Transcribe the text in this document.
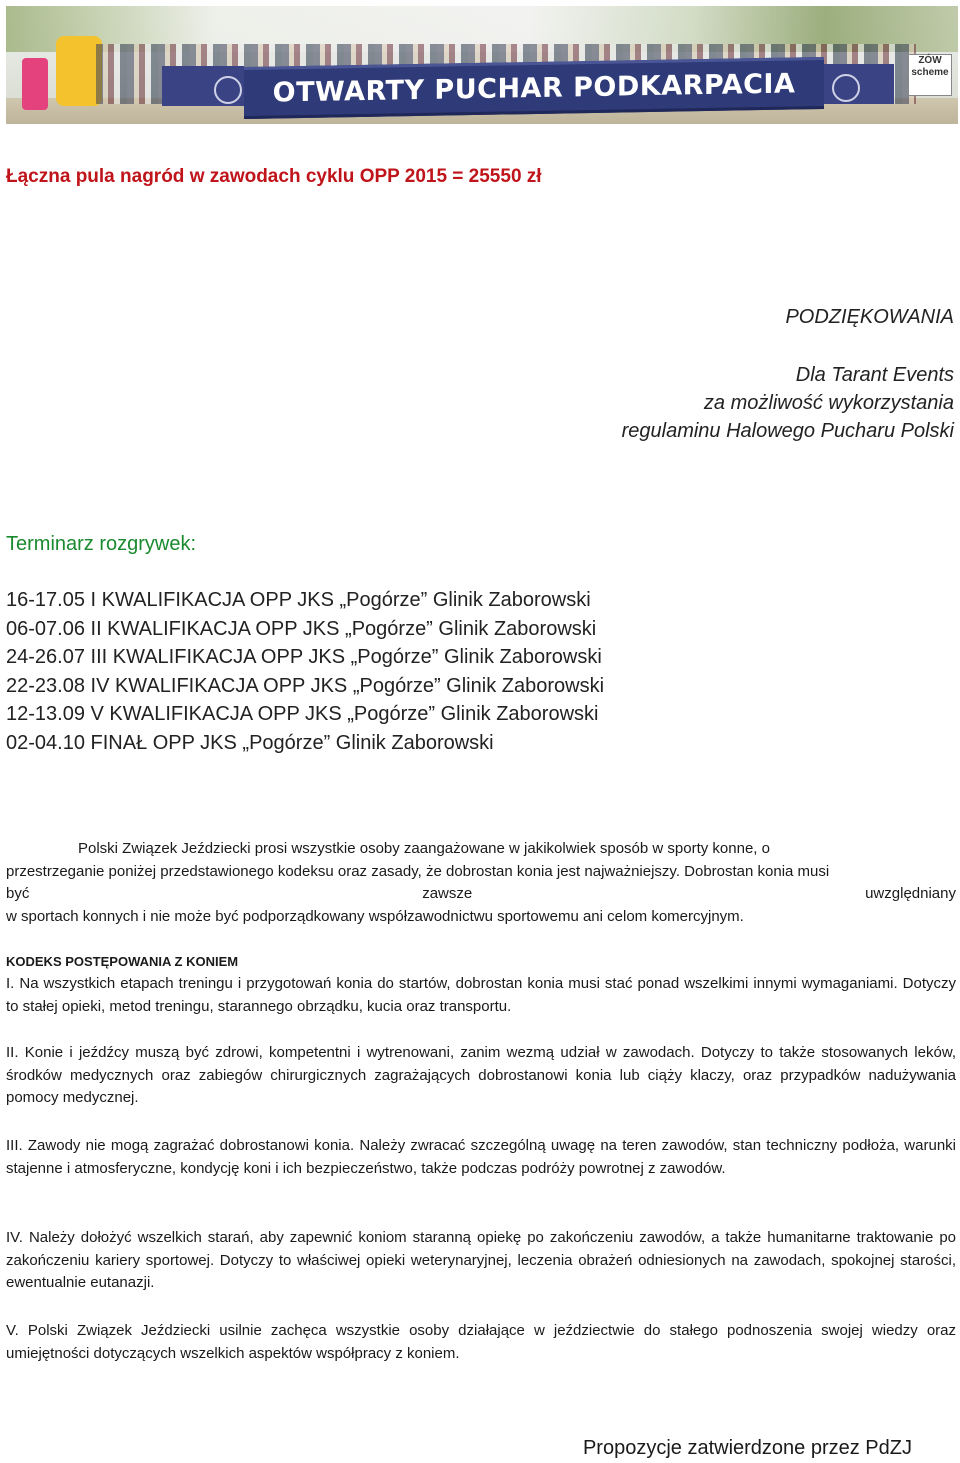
OTWARTY PUCHAR PODKARPACIA
ZÓW scheme

Łączna pula nagród w zawodach cyklu OPP 2015 = 25550 zł

PODZIĘKOWANIA

Dla Tarant Events
za możliwość wykorzystania
regulaminu Halowego Pucharu Polski

Terminarz rozgrywek:

16-17.05 I KWALIFIKACJA OPP JKS „Pogórze” Glinik Zaborowski
06-07.06 II KWALIFIKACJA OPP JKS „Pogórze” Glinik Zaborowski
24-26.07 III KWALIFIKACJA OPP JKS „Pogórze” Glinik Zaborowski
22-23.08 IV KWALIFIKACJA OPP JKS „Pogórze” Glinik Zaborowski
12-13.09 V KWALIFIKACJA OPP JKS „Pogórze” Glinik Zaborowski
02-04.10 FINAŁ OPP JKS „Pogórze” Glinik Zaborowski
Polski Związek Jeździecki prosi wszystkie osoby zaangażowane w jakikolwiek sposób w sporty konne, o
przestrzeganie poniżej przedstawionego kodeksu oraz zasady, że dobrostan konia jest najważniejszy. Dobrostan konia musi
być	zawsze	uwzględniany
w sportach konnych i nie może być podporządkowany współzawodnictwu sportowemu ani celom komercyjnym.

KODEKS POSTĘPOWANIA Z KONIEM

I. Na wszystkich etapach treningu i przygotowań konia do startów, dobrostan konia musi stać ponad wszelkimi innymi wymaganiami. Dotyczy to stałej opieki, metod treningu, starannego obrządku, kucia oraz transportu.

II. Konie i jeźdźcy muszą być zdrowi, kompetentni i wytrenowani, zanim wezmą udział w zawodach. Dotyczy to także stosowanych leków, środków medycznych oraz zabiegów chirurgicznych zagrażających dobrostanowi konia lub ciąży klaczy, oraz przypadków nadużywania pomocy medycznej.

III. Zawody nie mogą zagrażać dobrostanowi konia. Należy zwracać szczególną uwagę na teren zawodów, stan techniczny podłoża, warunki stajenne i atmosferyczne, kondycję koni i ich bezpieczeństwo, także podczas podróży powrotnej z zawodów.

IV. Należy dołożyć wszelkich starań, aby zapewnić koniom staranną opiekę po zakończeniu zawodów, a także humanitarne traktowanie po zakończeniu kariery sportowej. Dotyczy to właściwej opieki weterynaryjnej, leczenia obrażeń odniesionych na zawodach, spokojnej starości, ewentualnie eutanazji.

V. Polski Związek Jeździecki usilnie zachęca wszystkie osoby działające w jeździectwie do stałego podnoszenia swojej wiedzy oraz umiejętności dotyczących wszelkich aspektów współpracy z koniem.

Propozycje zatwierdzone przez PdZJ
